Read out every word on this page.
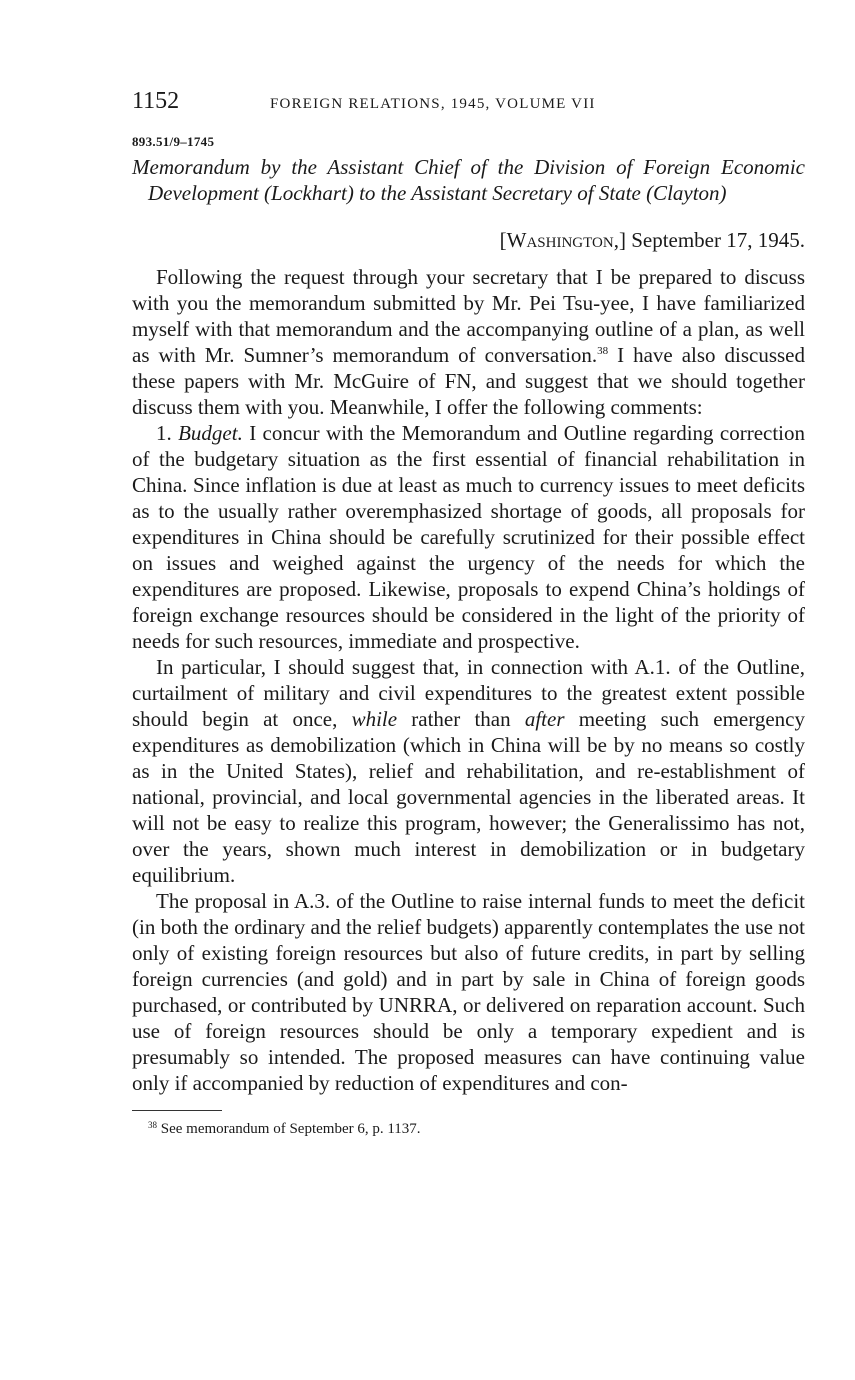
1152	FOREIGN RELATIONS, 1945, VOLUME VII
893.51/9–1745

Memorandum by the Assistant Chief of the Division of Foreign Economic Development (Lockhart) to the Assistant Secretary of State (Clayton)

[Washington,] September 17, 1945.

Following the request through your secretary that I be prepared to discuss with you the memorandum submitted by Mr. Pei Tsu-yee, I have familiarized myself with that memorandum and the accompanying outline of a plan, as well as with Mr. Sumner’s memorandum of conversation.$^{38}$ I have also discussed these papers with Mr. McGuire of FN, and suggest that we should together discuss them with you. Meanwhile, I offer the following comments:

1. Budget. I concur with the Memorandum and Outline regarding correction of the budgetary situation as the first essential of financial rehabilitation in China. Since inflation is due at least as much to currency issues to meet deficits as to the usually rather overemphasized shortage of goods, all proposals for expenditures in China should be carefully scrutinized for their possible effect on issues and weighed against the urgency of the needs for which the expenditures are proposed. Likewise, proposals to expend China’s holdings of foreign exchange resources should be considered in the light of the priority of needs for such resources, immediate and prospective.

In particular, I should suggest that, in connection with A.1. of the Outline, curtailment of military and civil expenditures to the greatest extent possible should begin at once, while rather than after meeting such emergency expenditures as demobilization (which in China will be by no means so costly as in the United States), relief and rehabilitation, and re-establishment of national, provincial, and local governmental agencies in the liberated areas. It will not be easy to realize this program, however; the Generalissimo has not, over the years, shown much interest in demobilization or in budgetary equilibrium.

The proposal in A.3. of the Outline to raise internal funds to meet the deficit (in both the ordinary and the relief budgets) apparently contemplates the use not only of existing foreign resources but also of future credits, in part by selling foreign currencies (and gold) and in part by sale in China of foreign goods purchased, or contributed by UNRRA, or delivered on reparation account. Such use of foreign resources should be only a temporary expedient and is presumably so intended. The proposed measures can have continuing value only if accompanied by reduction of expenditures and con-

$^{38}$ See memorandum of September 6, p. 1137.
